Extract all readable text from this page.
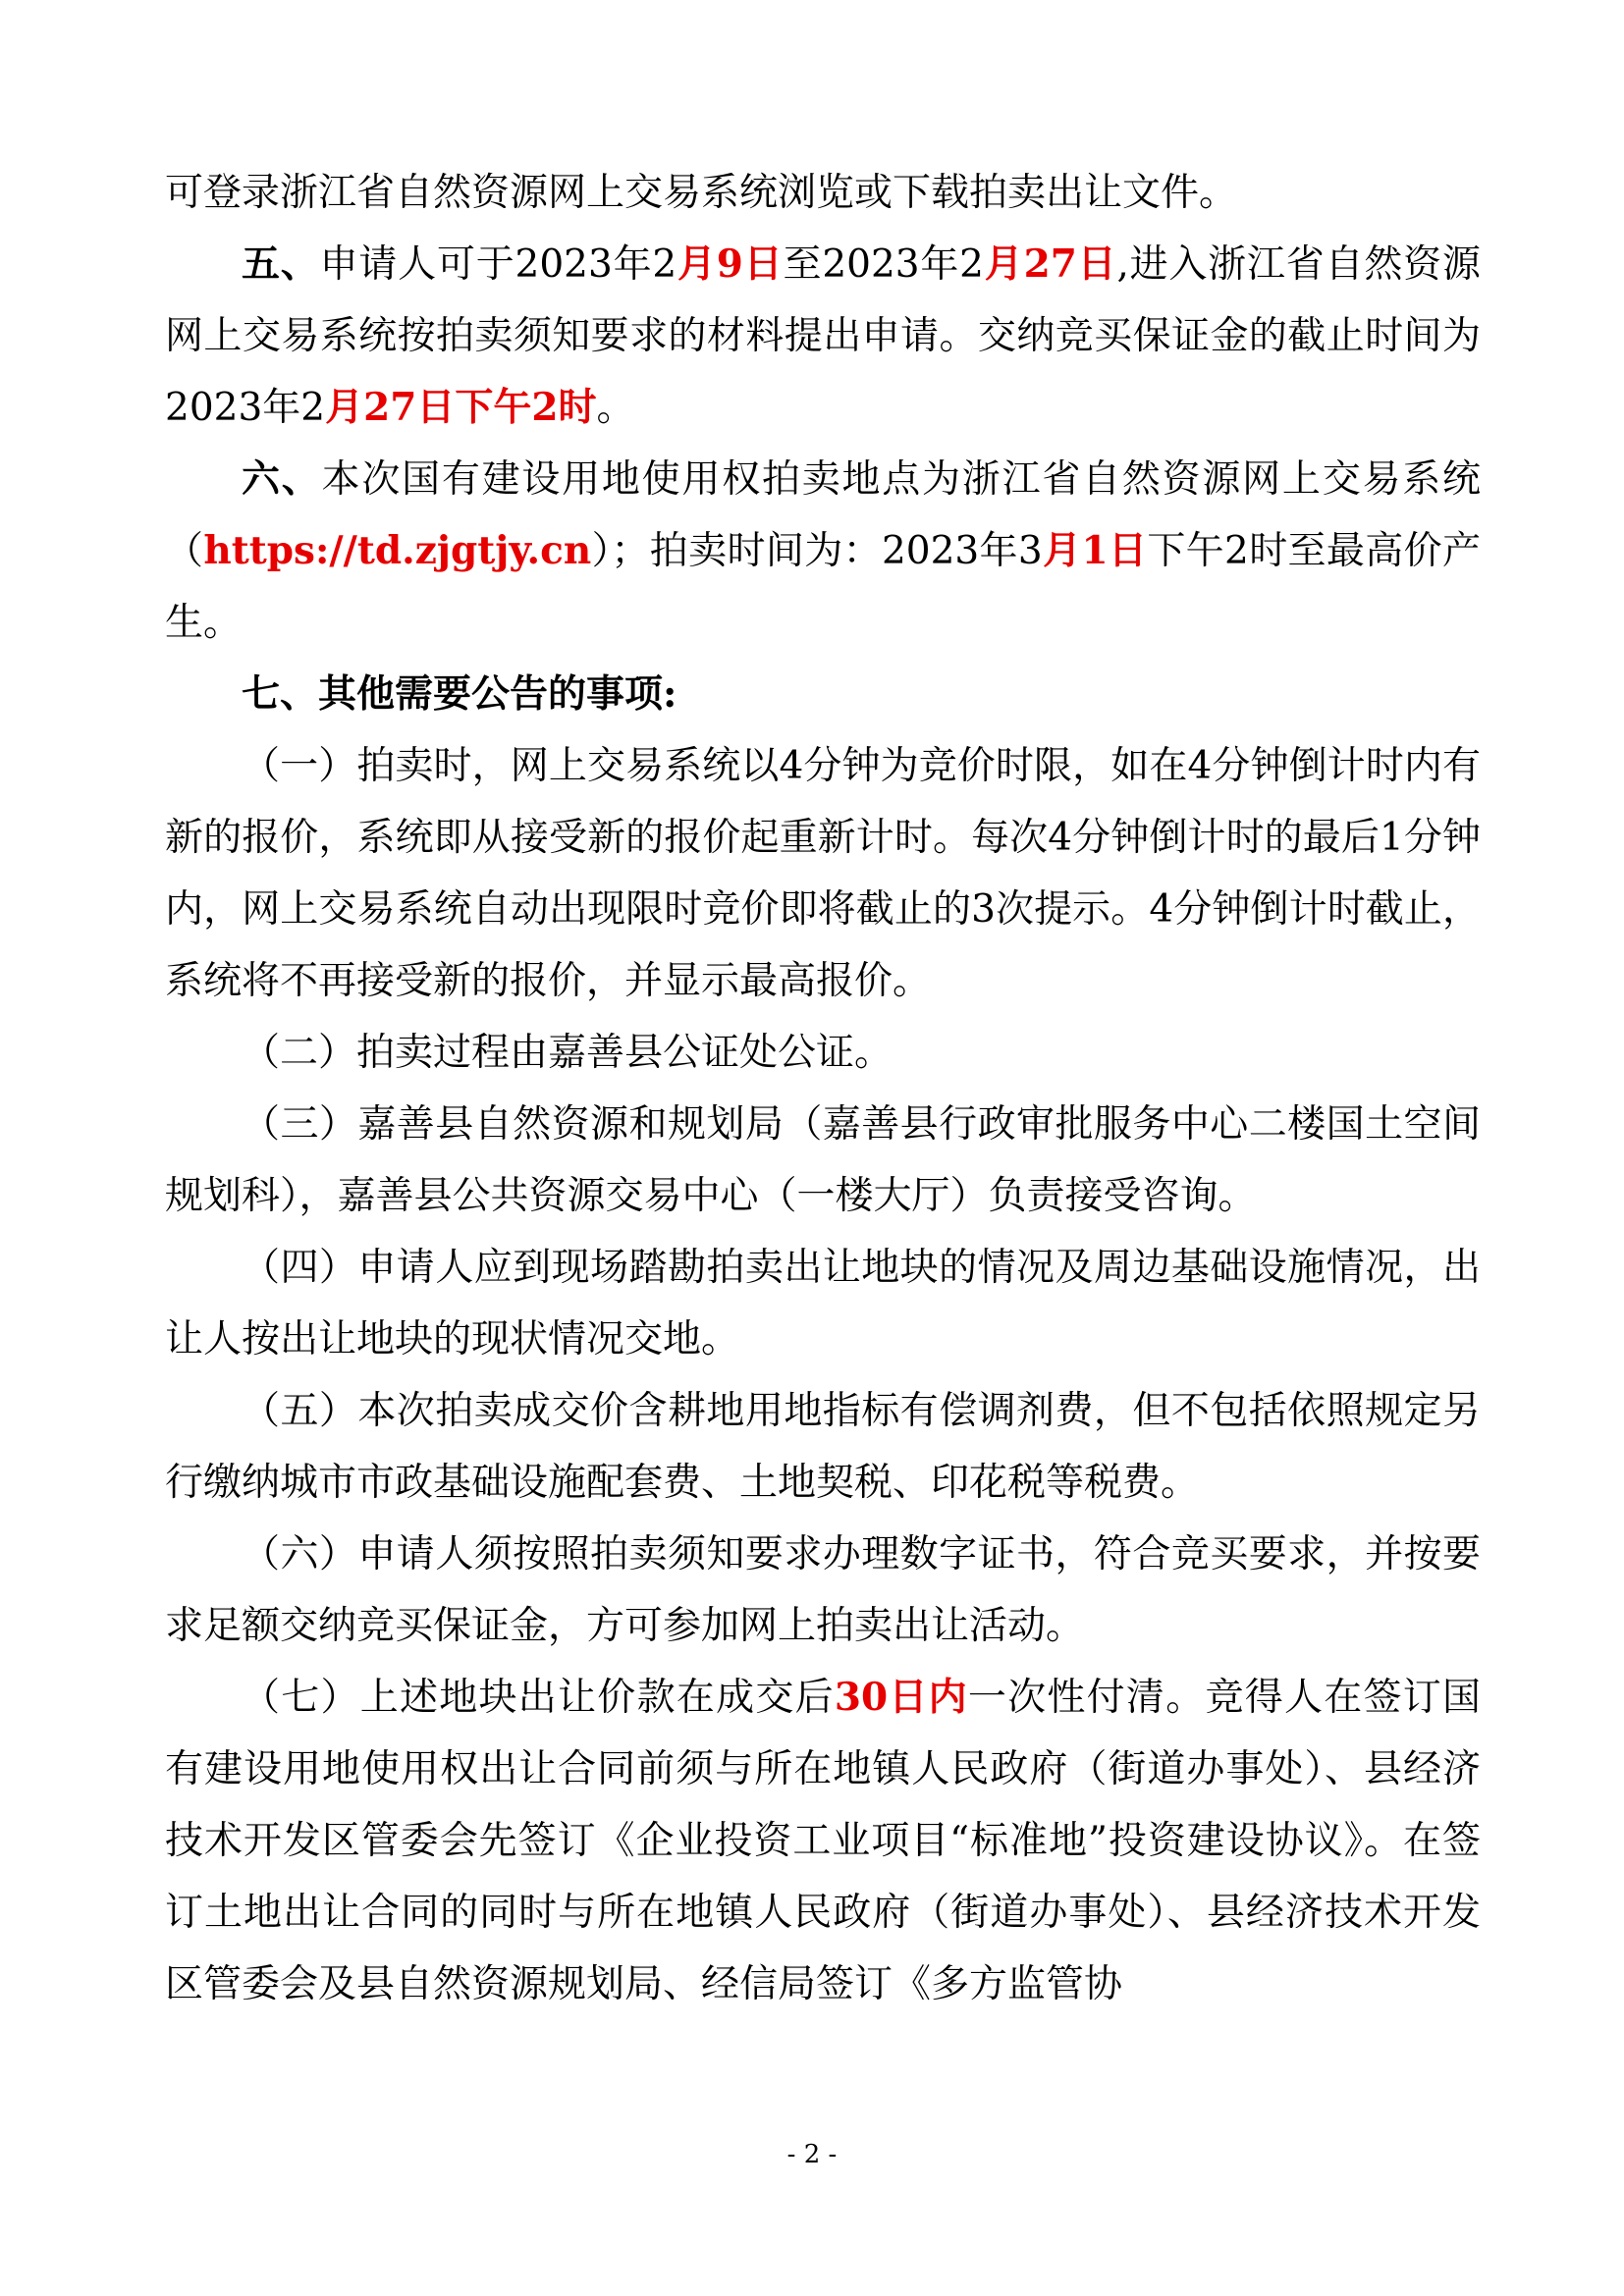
可登录浙江省自然资源网上交易系统浏览或下载拍卖出让文件。

五、申请人可于2023年2月9日至2023年2月27日,进入浙江省自然资源网上交易系统按拍卖须知要求的材料提出申请。交纳竞买保证金的截止时间为2023年2月27日下午2时。

六、本次国有建设用地使用权拍卖地点为浙江省自然资源网上交易系统（https://td.zjgtjy.cn）；拍卖时间为：2023年3月1日下午2时至最高价产生。

七、其他需要公告的事项:

（一）拍卖时，网上交易系统以4分钟为竞价时限，如在4分钟倒计时内有新的报价，系统即从接受新的报价起重新计时。每次4分钟倒计时的最后1分钟内，网上交易系统自动出现限时竞价即将截止的3次提示。4分钟倒计时截止，系统将不再接受新的报价，并显示最高报价。

（二）拍卖过程由嘉善县公证处公证。

（三）嘉善县自然资源和规划局（嘉善县行政审批服务中心二楼国土空间规划科），嘉善县公共资源交易中心（一楼大厅）负责接受咨询。

（四）申请人应到现场踏勘拍卖出让地块的情况及周边基础设施情况，出让人按出让地块的现状情况交地。

（五）本次拍卖成交价含耕地用地指标有偿调剂费，但不包括依照规定另行缴纳城市市政基础设施配套费、土地契税、印花税等税费。

（六）申请人须按照拍卖须知要求办理数字证书，符合竞买要求，并按要求足额交纳竞买保证金，方可参加网上拍卖出让活动。

（七）上述地块出让价款在成交后30日内一次性付清。竞得人在签订国有建设用地使用权出让合同前须与所在地镇人民政府（街道办事处）、县经济技术开发区管委会先签订《企业投资工业项目“标准地”投资建设协议》。在签订土地出让合同的同时与所在地镇人民政府（街道办事处）、县经济技术开发区管委会及县自然资源规划局、经信局签订《多方监管协

- 2 -
